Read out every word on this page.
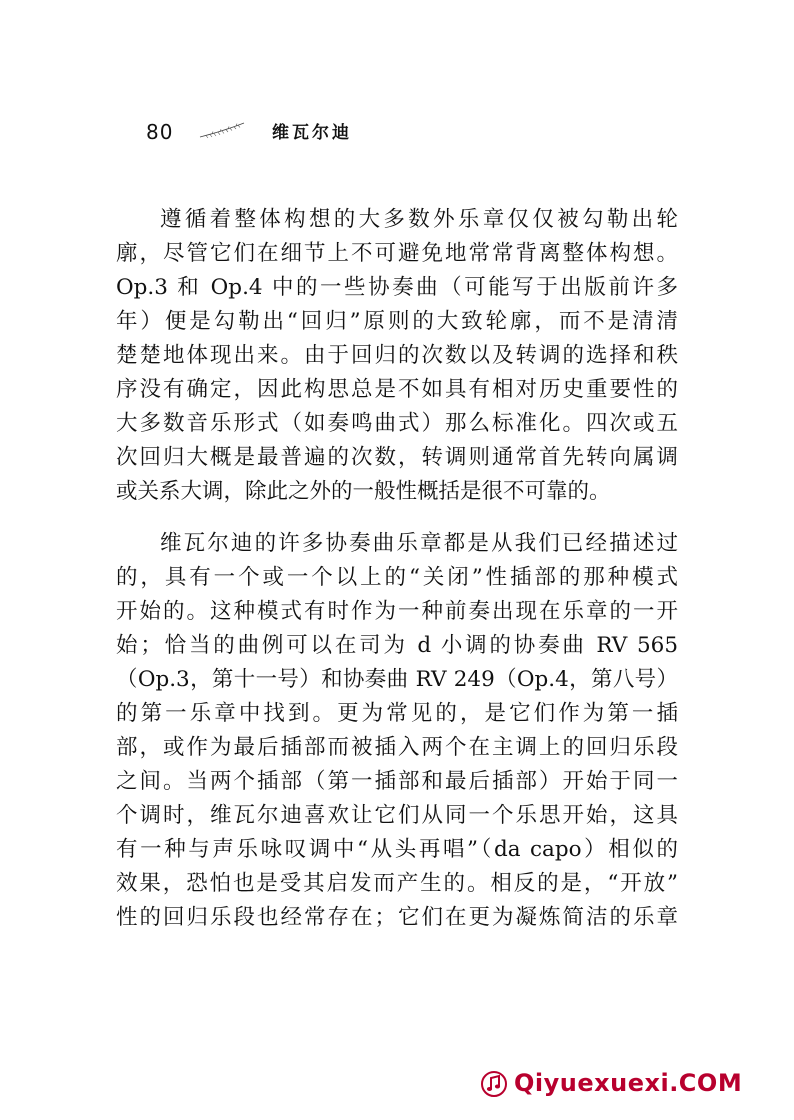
80	维瓦尔迪
遵循着整体构想的大多数外乐章仅仅被勾勒出轮
廓，尽管它们在细节上不可避免地常常背离整体构想。
Op.3 和 Op.4 中的一些协奏曲（可能写于出版前许多
年）便是勾勒出“回归”原则的大致轮廓，而不是清清
楚楚地体现出来。由于回归的次数以及转调的选择和秩
序没有确定，因此构思总是不如具有相对历史重要性的
大多数音乐形式（如奏鸣曲式）那么标准化。四次或五
次回归大概是最普遍的次数，转调则通常首先转向属调
或关系大调，除此之外的一般性概括是很不可靠的。
维瓦尔迪的许多协奏曲乐章都是从我们已经描述过
的，具有一个或一个以上的“关闭”性插部的那种模式
开始的。这种模式有时作为一种前奏出现在乐章的一开
始；恰当的曲例可以在司为 d 小调的协奏曲 RV 565
（Op.3，第十一号）和协奏曲 RV 249（Op.4，第八号）
的第一乐章中找到。更为常见的，是它们作为第一插
部，或作为最后插部而被插入两个在主调上的回归乐段
之间。当两个插部（第一插部和最后插部）开始于同一
个调时，维瓦尔迪喜欢让它们从同一个乐思开始，这具
有一种与声乐咏叹调中“从头再唱”（da capo）相似的
效果，恐怕也是受其启发而产生的。相反的是，“开放”
性的回归乐段也经常存在；它们在更为凝炼简洁的乐章
Qiyuexuexi.COM
